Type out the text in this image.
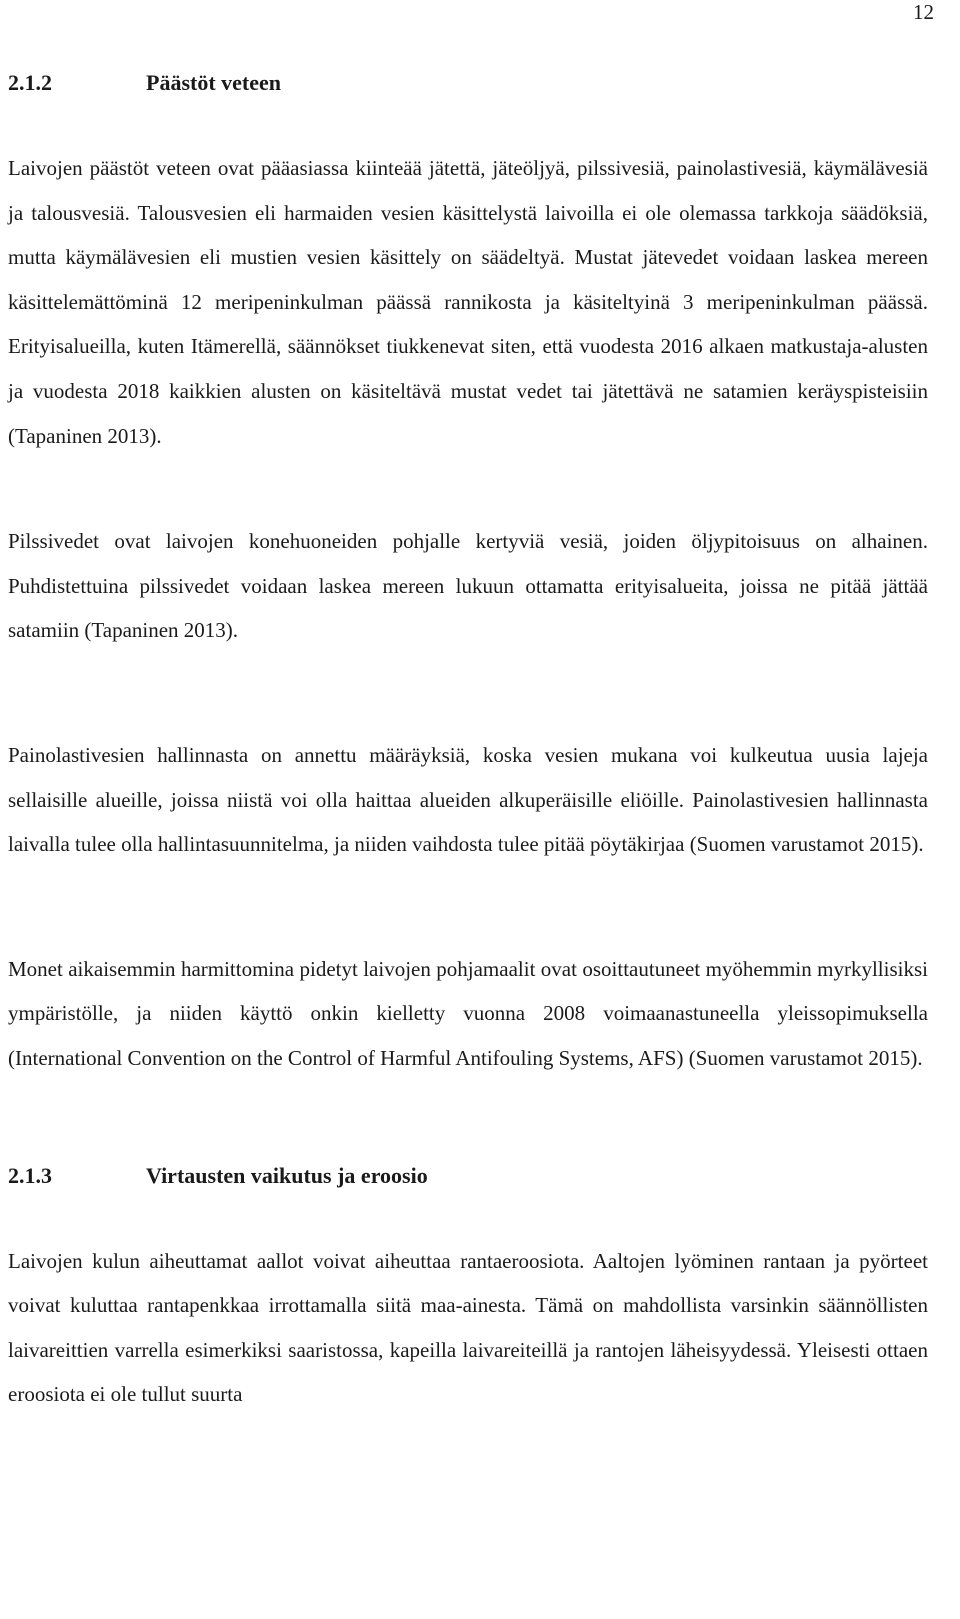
12
2.1.2	Päästöt veteen

Laivojen päästöt veteen ovat pääasiassa kiinteää jätettä, jäteöljyä, pilssivesiä, painolastivesiä, käymälävesiä ja talousvesiä. Talousvesien eli harmaiden vesien käsittelystä laivoilla ei ole olemassa tarkkoja säädöksiä, mutta käymälävesien eli mustien vesien käsittely on säädeltyä. Mustat jätevedet voidaan laskea mereen käsittelemättöminä 12 meripeninkulman päässä rannikosta ja käsiteltyinä 3 meripeninkulman päässä. Erityisalueilla, kuten Itämerellä, säännökset tiukkenevat siten, että vuodesta 2016 alkaen matkustaja-alusten ja vuodesta 2018 kaikkien alusten on käsiteltävä mustat vedet tai jätettävä ne satamien keräyspisteisiin (Tapaninen 2013).

Pilssivedet ovat laivojen konehuoneiden pohjalle kertyviä vesiä, joiden öljypitoisuus on alhainen. Puhdistettuina pilssivedet voidaan laskea mereen lukuun ottamatta erityisalueita, joissa ne pitää jättää satamiin (Tapaninen 2013).

Painolastivesien hallinnasta on annettu määräyksiä, koska vesien mukana voi kulkeutua uusia lajeja sellaisille alueille, joissa niistä voi olla haittaa alueiden alkuperäisille eliöille. Painolastivesien hallinnasta laivalla tulee olla hallintasuunnitelma, ja niiden vaihdosta tulee pitää pöytäkirjaa (Suomen varustamot 2015).

Monet aikaisemmin harmittomina pidetyt laivojen pohjamaalit ovat osoittautuneet myöhemmin myrkyllisiksi ympäristölle, ja niiden käyttö onkin kielletty vuonna 2008 voimaanastuneella yleissopimuksella (International Convention on the Control of Harmful Antifouling Systems, AFS) (Suomen varustamot 2015).

2.1.3	Virtausten vaikutus ja eroosio

Laivojen kulun aiheuttamat aallot voivat aiheuttaa rantaeroosiota. Aaltojen lyöminen rantaan ja pyörteet voivat kuluttaa rantapenkkaa irrottamalla siitä maa-ainesta. Tämä on mahdollista varsinkin säännöllisten laivareittien varrella esimerkiksi saaristossa, kapeilla laivareiteillä ja rantojen läheisyydessä. Yleisesti ottaen eroosiota ei ole tullut suurta
